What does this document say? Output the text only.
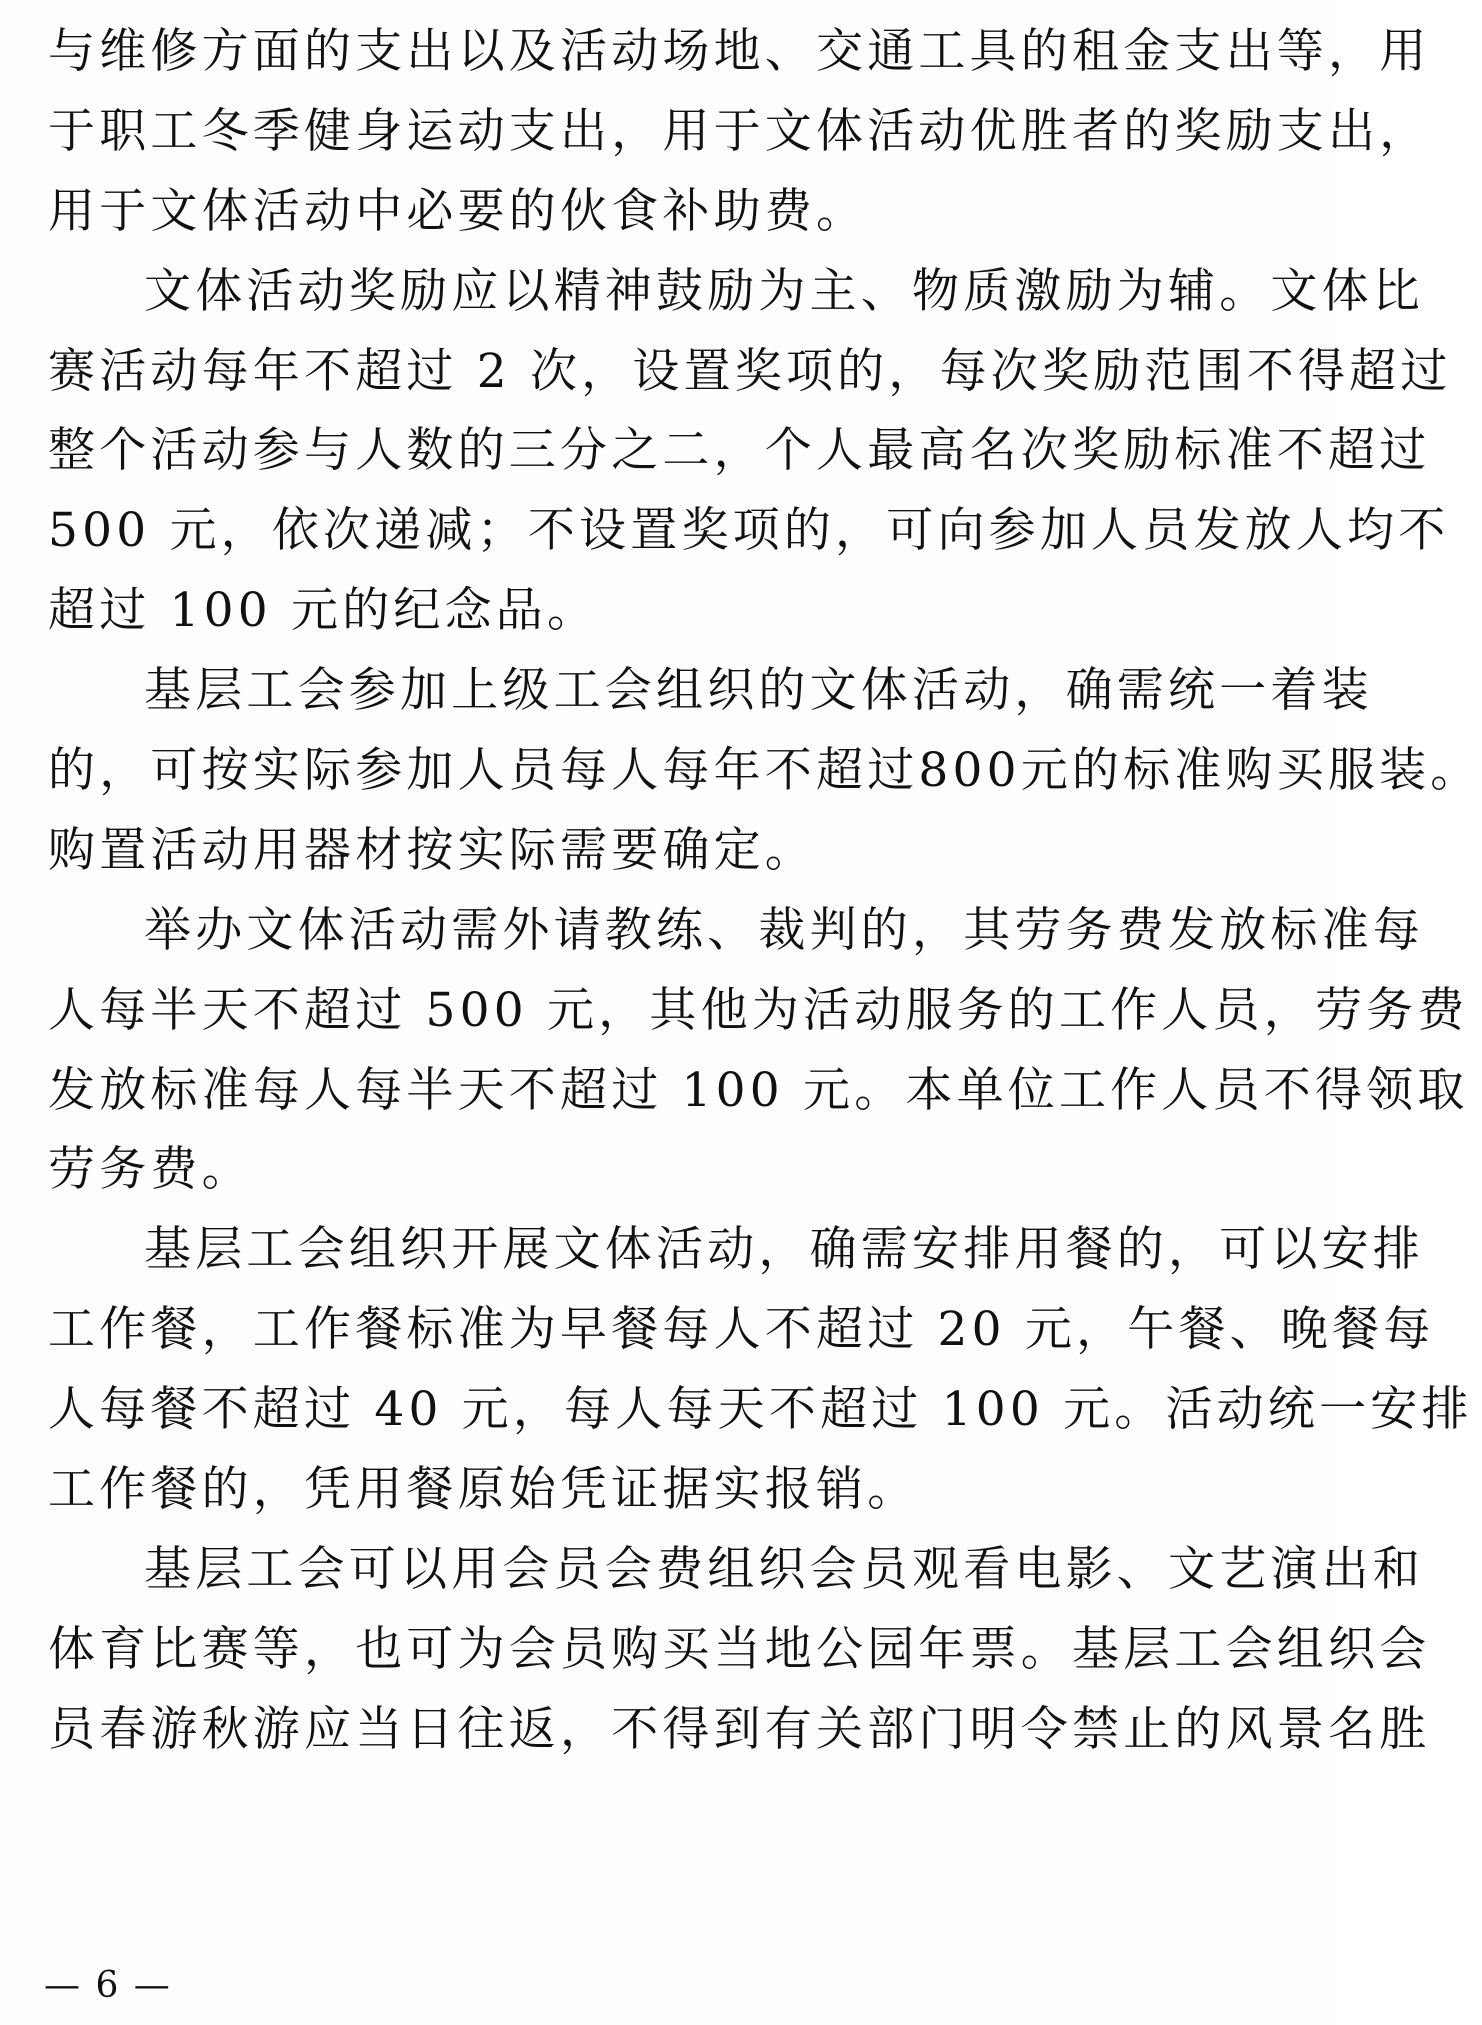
与维修方面的支出以及活动场地、交通工具的租金支出等，用
于职工冬季健身运动支出，用于文体活动优胜者的奖励支出，
用于文体活动中必要的伙食补助费。
文体活动奖励应以精神鼓励为主、物质激励为辅。文体比
赛活动每年不超过 2 次，设置奖项的，每次奖励范围不得超过
整个活动参与人数的三分之二，个人最高名次奖励标准不超过
500 元，依次递减；不设置奖项的，可向参加人员发放人均不
超过 100 元的纪念品。
基层工会参加上级工会组织的文体活动，确需统一着装
的，可按实际参加人员每人每年不超过800元的标准购买服装。
购置活动用器材按实际需要确定。
举办文体活动需外请教练、裁判的，其劳务费发放标准每
人每半天不超过 500 元，其他为活动服务的工作人员，劳务费
发放标准每人每半天不超过 100 元。本单位工作人员不得领取
劳务费。
基层工会组织开展文体活动，确需安排用餐的，可以安排
工作餐，工作餐标准为早餐每人不超过 20 元，午餐、晚餐每
人每餐不超过 40 元，每人每天不超过 100 元。活动统一安排
工作餐的，凭用餐原始凭证据实报销。
基层工会可以用会员会费组织会员观看电影、文艺演出和
体育比赛等，也可为会员购买当地公园年票。基层工会组织会
员春游秋游应当日往返，不得到有关部门明令禁止的风景名胜
— 6 —
